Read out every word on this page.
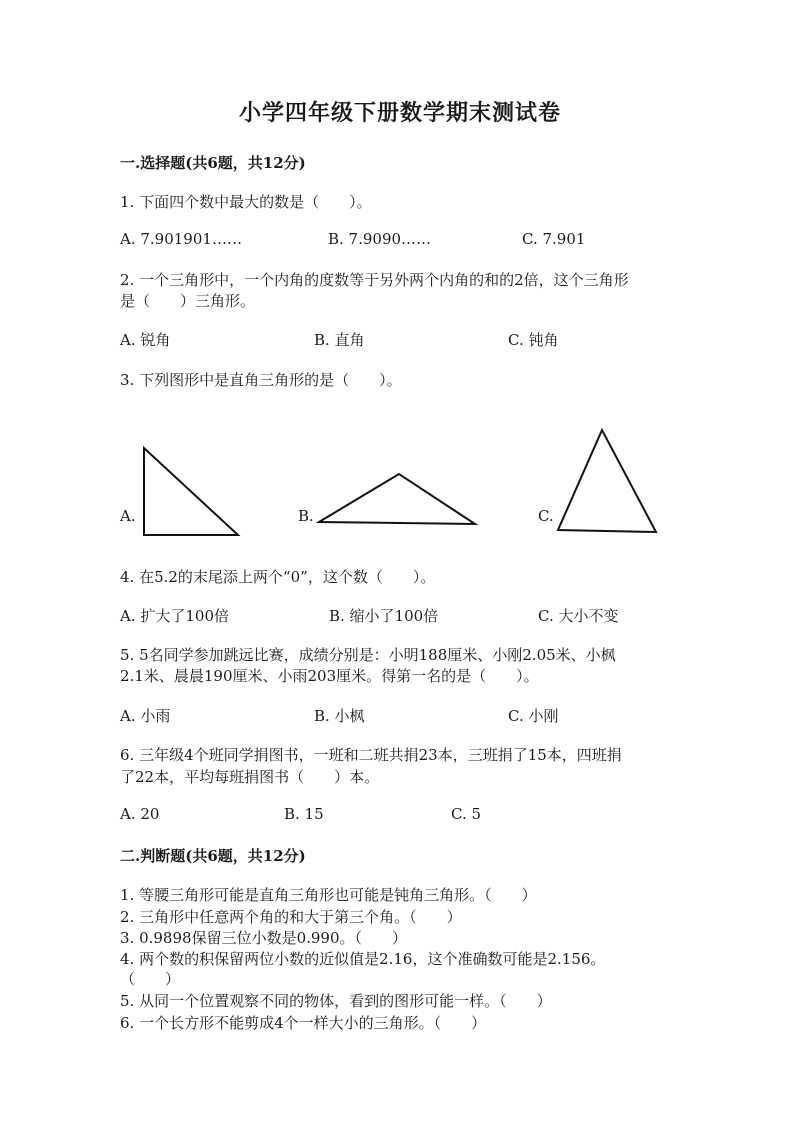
小学四年级下册数学期末测试卷
一.选择题(共6题，共12分)
1. 下面四个数中最大的数是（　　）。
A. 7.901901……	B. 7.9090……	C. 7.901
2. 一个三角形中，一个内角的度数等于另外两个内角的和的2倍，这个三角形
是（　　）三角形。
A. 锐角	B. 直角	C. 钝角
3. 下列图形中是直角三角形的是（　　）。
A.	B.	C.
4. 在5.2的末尾添上两个“0”，这个数（　　）。
A. 扩大了100倍	B. 缩小了100倍	C. 大小不变
5. 5名同学参加跳远比赛，成绩分别是：小明188厘米、小刚2.05米、小枫
2.1米、晨晨190厘米、小雨203厘米。得第一名的是（　　）。
A. 小雨	B. 小枫	C. 小刚
6. 三年级4个班同学捐图书，一班和二班共捐23本，三班捐了15本，四班捐
了22本，平均每班捐图书（　　）本。
A. 20	B. 15	C. 5
二.判断题(共6题，共12分)
1. 等腰三角形可能是直角三角形也可能是钝角三角形。（　　）
2. 三角形中任意两个角的和大于第三个角。（　　）
3. 0.9898保留三位小数是0.990。（　　）
4. 两个数的积保留两位小数的近似值是2.16，这个准确数可能是2.156。
（　　）
5. 从同一个位置观察不同的物体，看到的图形可能一样。（　　）
6. 一个长方形不能剪成4个一样大小的三角形。（　　）
